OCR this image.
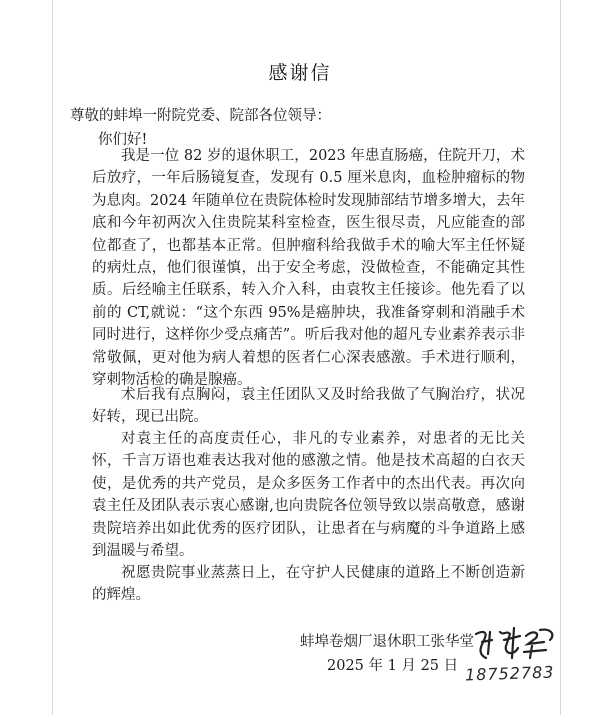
感谢信
尊敬的蚌埠一附院党委、院部各位领导：
你们好!

我是一位 82 岁的退休职工，2023 年患直肠癌，住院开刀，术后放疗，一年后肠镜复查，发现有 0.5 厘米息肉，血检肿瘤标的物为息肉。2024 年随单位在贵院体检时发现肺部结节增多增大，去年底和今年初两次入住贵院某科室检查，医生很尽责，凡应能查的部位都查了，也都基本正常。但肿瘤科给我做手术的喻大军主任怀疑的病灶点，他们很谨慎，出于安全考虑，没做检查，不能确定其性质。后经喻主任联系，转入介入科，由袁牧主任接诊。他先看了以前的 CT,就说：“这个东西 95%是癌肿块，我准备穿刺和消融手术同时进行，这样你少受点痛苦”。听后我对他的超凡专业素养表示非常敬佩，更对他为病人着想的医者仁心深表感激。手术进行顺利，穿刺物活检的确是腺癌。

术后我有点胸闷，袁主任团队又及时给我做了气胸治疗，状况好转，现已出院。

对袁主任的高度责任心，非凡的专业素养，对患者的无比关怀，千言万语也难表达我对他的感激之情。他是技术高超的白衣天使，是优秀的共产党员，是众多医务工作者中的杰出代表。再次向袁主任及团队表示衷心感谢,也向贵院各位领导致以崇高敬意，感谢贵院培养出如此优秀的医疗团队，让患者在与病魔的斗争道路上感到温暖与希望。

祝愿贵院事业蒸蒸日上，在守护人民健康的道路上不断创造新的辉煌。

蚌埠卷烟厂退休职工张华堂
2025 年 1 月 25 日 18752783
